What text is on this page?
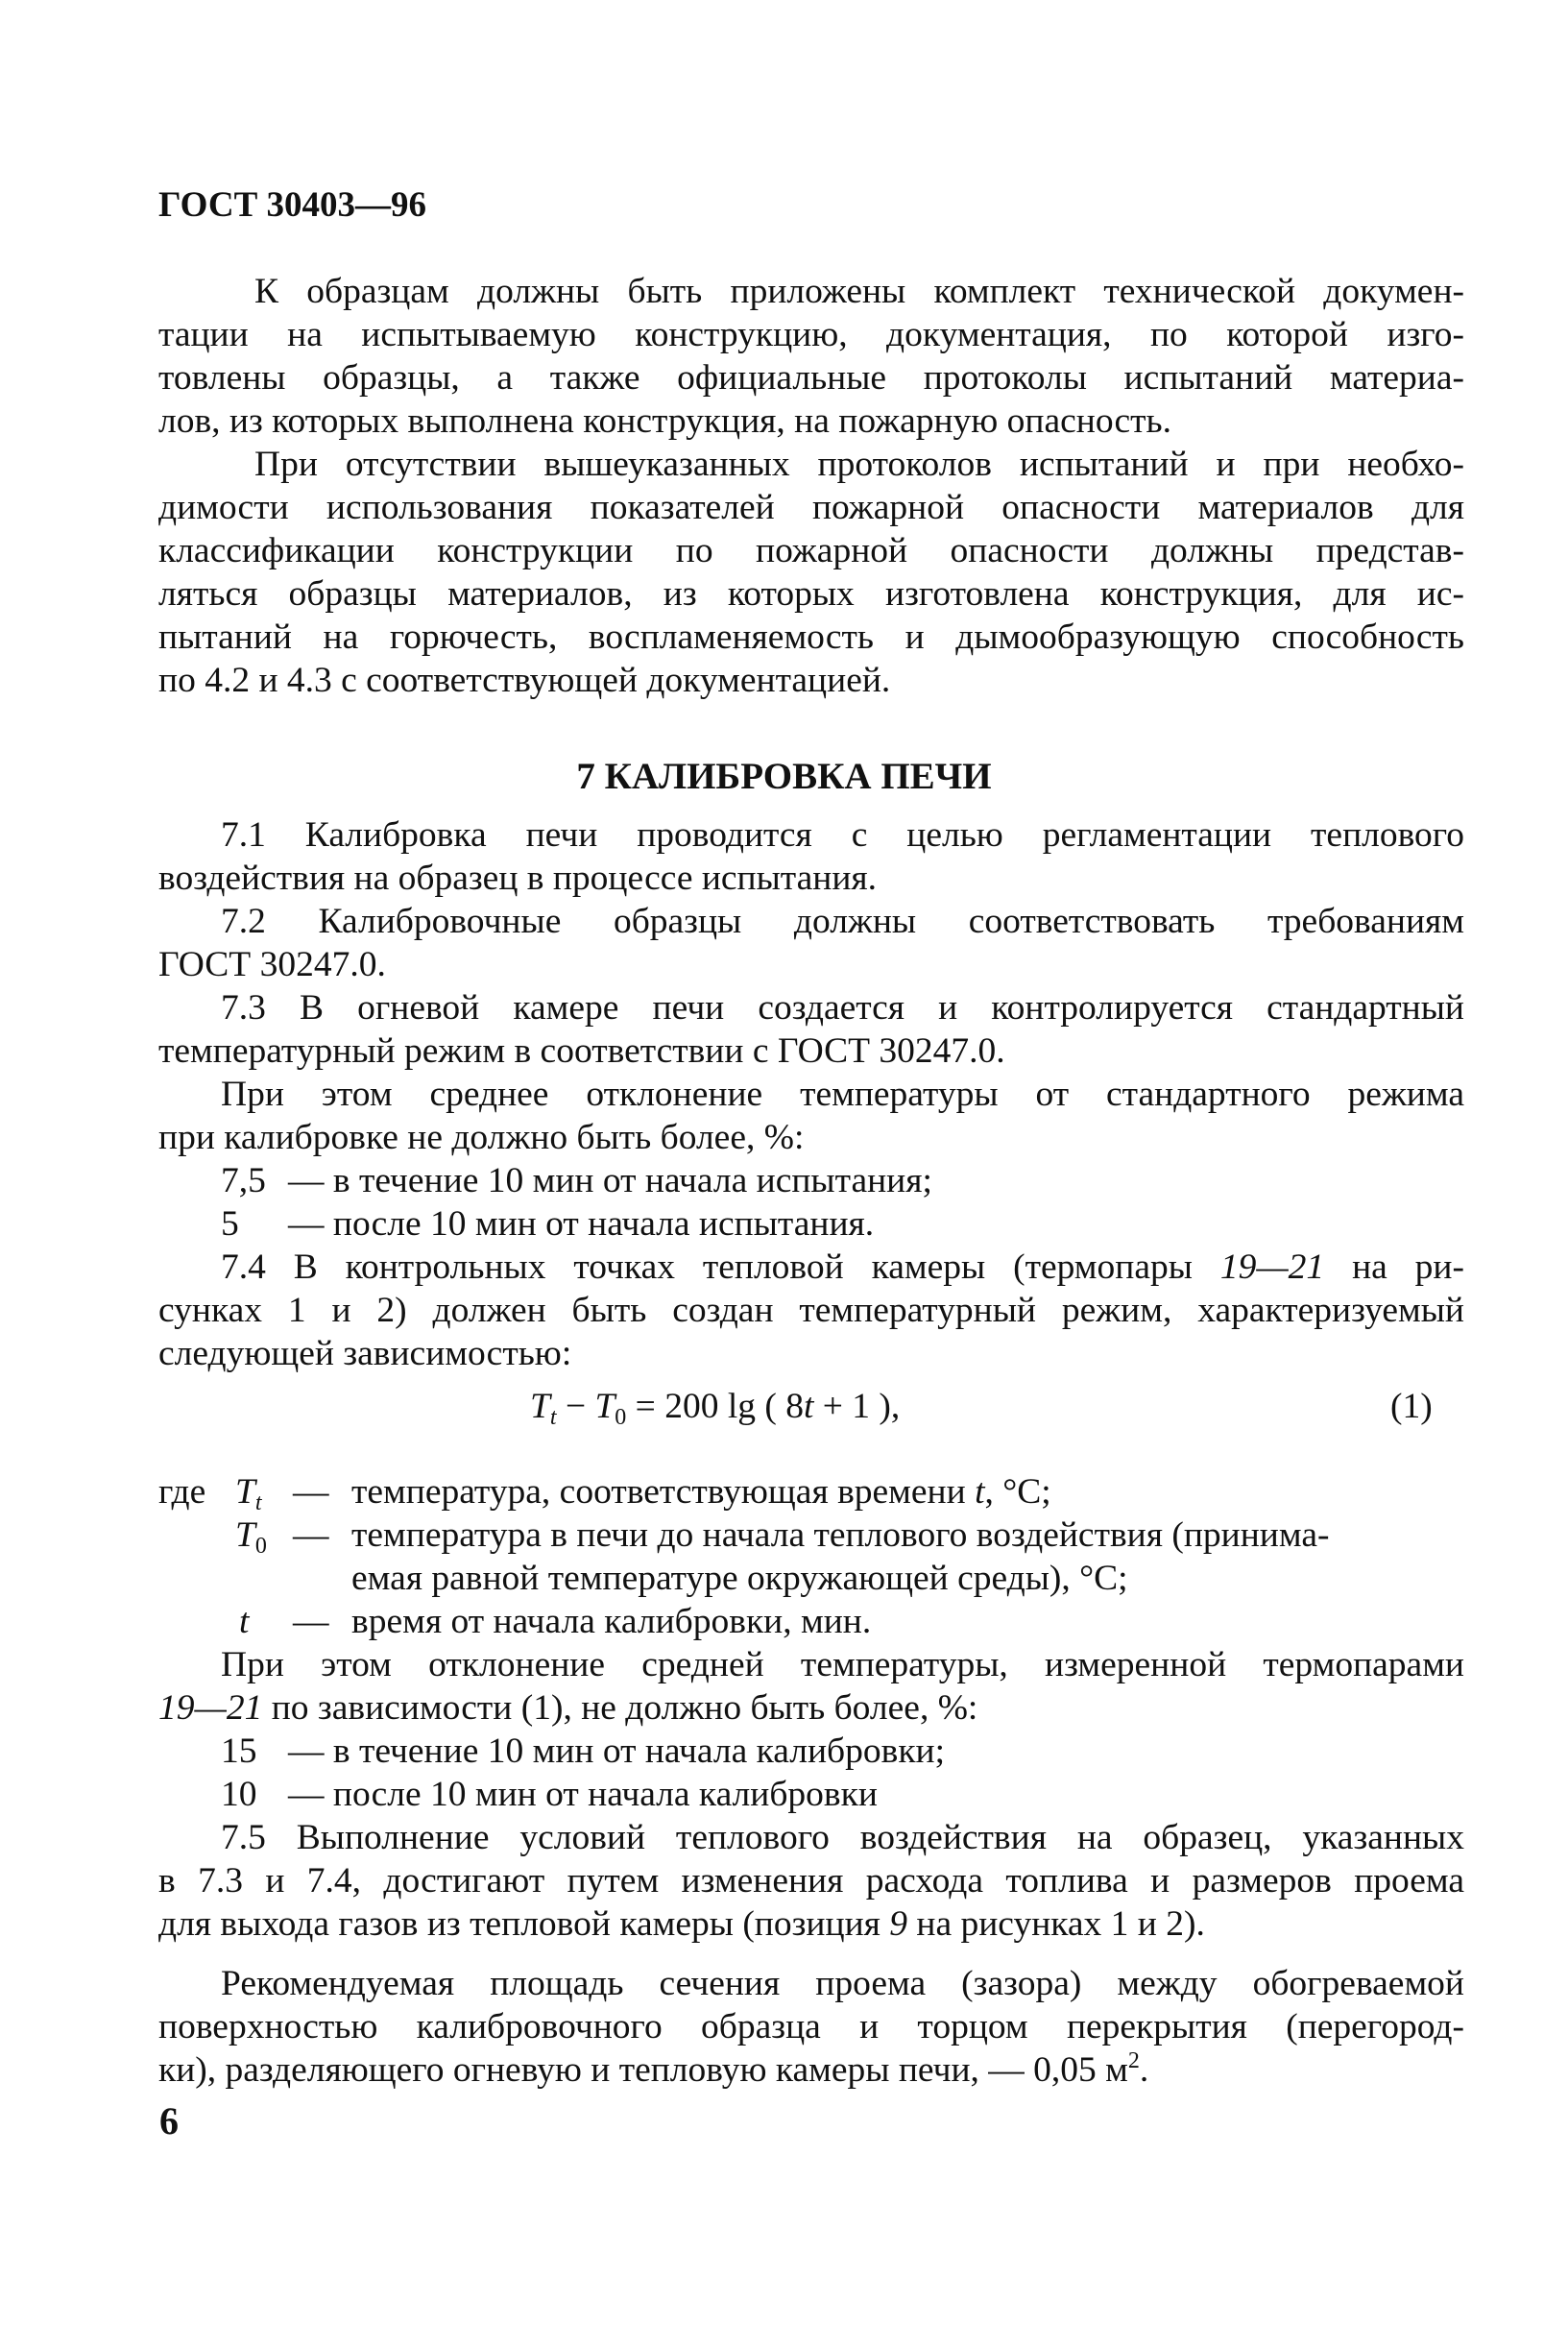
ГОСТ 30403—96
К образцам должны быть приложены комплект технической докумен-
тации на испытываемую конструкцию, документация, по которой изго-
товлены образцы, а также официальные протоколы испытаний материа-
лов, из которых выполнена конструкция, на пожарную опасность.
При отсутствии вышеуказанных протоколов испытаний и при необхо-
димости использования показателей пожарной опасности материалов для
классификации конструкции по пожарной опасности должны представ-
ляться образцы материалов, из которых изготовлена конструкция, для ис-
пытаний на горючесть, воспламеняемость и дымообразующую способность
по 4.2 и 4.3 с соответствующей документацией.
7 КАЛИБРОВКА ПЕЧИ
7.1 Калибровка печи проводится с целью регламентации теплового
воздействия на образец в процессе испытания.
7.2 Калибровочные образцы должны соответствовать требованиям
ГОСТ 30247.0.
7.3 В огневой камере печи создается и контролируется стандартный
температурный режим в соответствии с ГОСТ 30247.0.
При этом среднее отклонение температуры от стандартного режима
при калибровке не должно быть более, %:
7,5 — в течение 10 мин от начала испытания;
5 — после 10 мин от начала испытания.
7.4 В контрольных точках тепловой камеры (термопары 19—21 на ри-
сунках 1 и 2) должен быть создан температурный режим, характеризуемый
следующей зависимостью:
$T_t - T_0 = 200$ lg ( 8t + 1 ),	(1)
где $T_t$ — температура, соответствующая времени t, °С;
$T_0$ — температура в печи до начала теплового воздействия (принима-
емая равной температуре окружающей среды), °С;
t — время от начала калибровки, мин.
При этом отклонение средней температуры, измеренной термопарами
19—21 по зависимости (1), не должно быть более, %:
15 — в течение 10 мин от начала калибровки;
10 — после 10 мин от начала калибровки
7.5 Выполнение условий теплового воздействия на образец, указанных
в 7.3 и 7.4, достигают путем изменения расхода топлива и размеров проема
для выхода газов из тепловой камеры (позиция 9 на рисунках 1 и 2).
Рекомендуемая площадь сечения проема (зазора) между обогреваемой
поверхностью калибровочного образца и торцом перекрытия (перегород-
ки), разделяющего огневую и тепловую камеры печи, — 0,05 $м^2$.
6
